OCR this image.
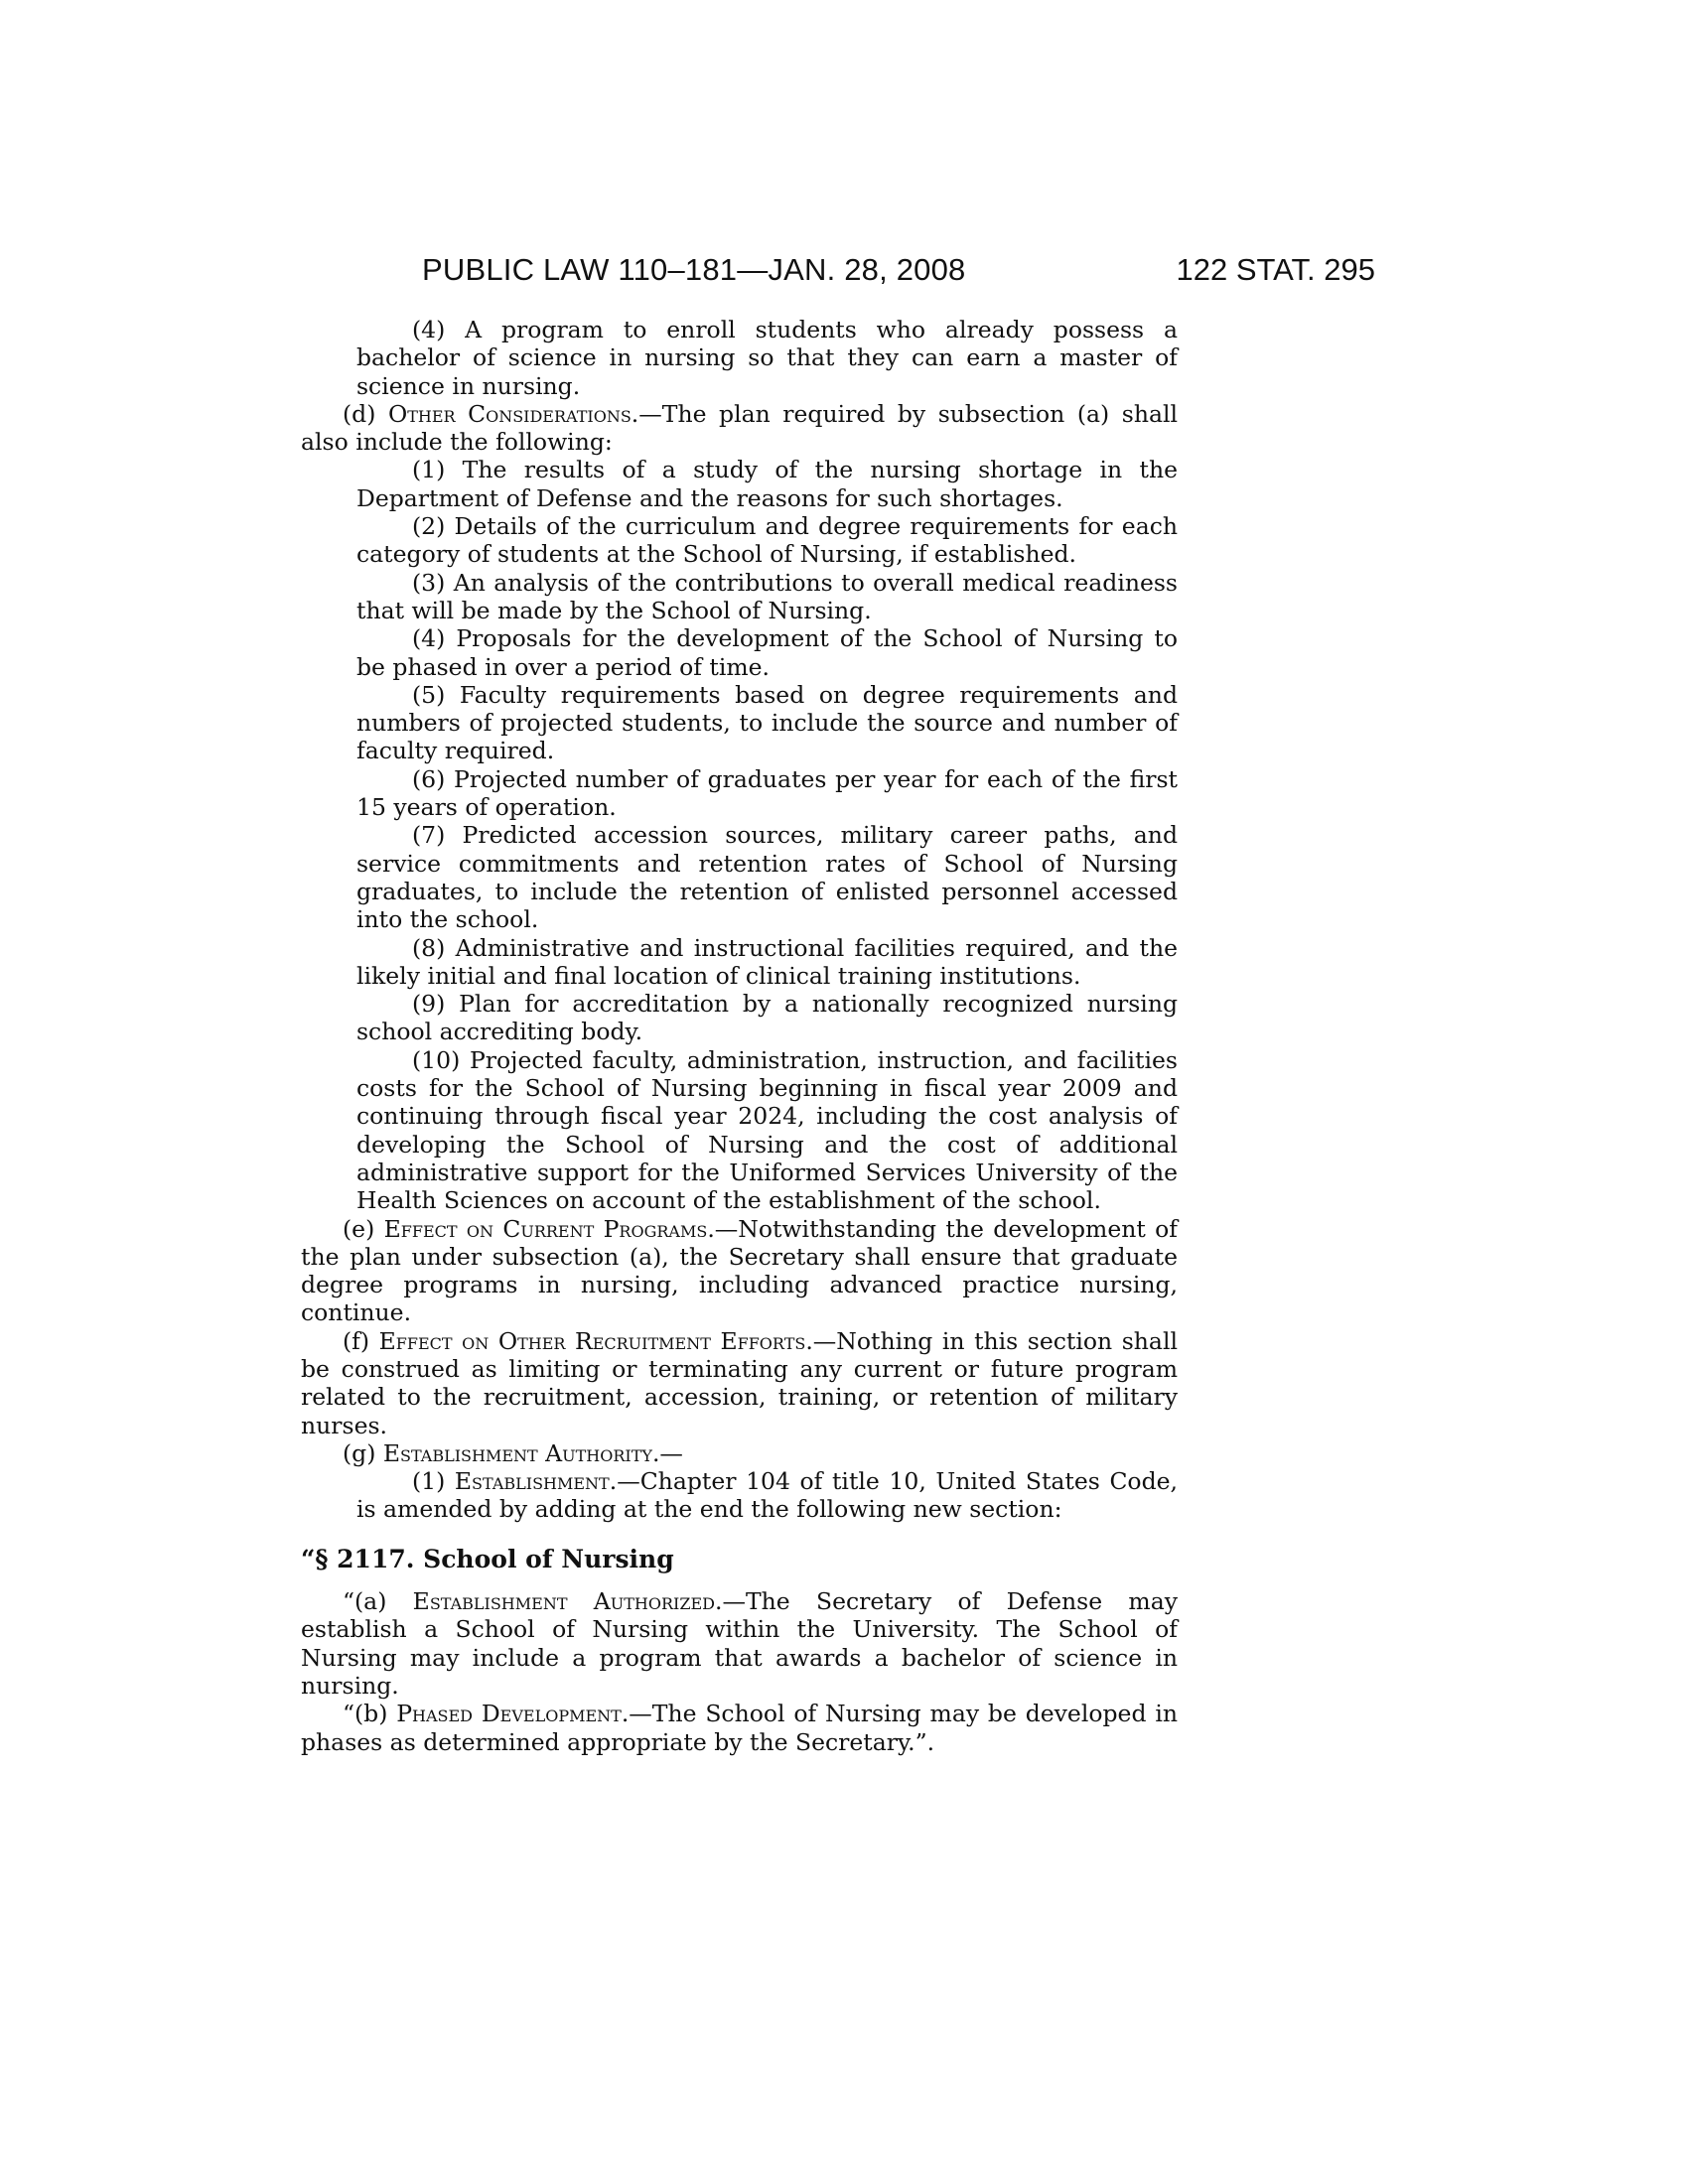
PUBLIC LAW 110–181—JAN. 28, 2008	122 STAT. 295

(4) A program to enroll students who already possess a bachelor of science in nursing so that they can earn a master of science in nursing.

(d) Other Considerations.—The plan required by subsection (a) shall also include the following:

(1) The results of a study of the nursing shortage in the Department of Defense and the reasons for such shortages.

(2) Details of the curriculum and degree requirements for each category of students at the School of Nursing, if established.

(3) An analysis of the contributions to overall medical readiness that will be made by the School of Nursing.

(4) Proposals for the development of the School of Nursing to be phased in over a period of time.

(5) Faculty requirements based on degree requirements and numbers of projected students, to include the source and number of faculty required.

(6) Projected number of graduates per year for each of the first 15 years of operation.

(7) Predicted accession sources, military career paths, and service commitments and retention rates of School of Nursing graduates, to include the retention of enlisted personnel accessed into the school.

(8) Administrative and instructional facilities required, and the likely initial and final location of clinical training institutions.

(9) Plan for accreditation by a nationally recognized nursing school accrediting body.

(10) Projected faculty, administration, instruction, and facilities costs for the School of Nursing beginning in fiscal year 2009 and continuing through fiscal year 2024, including the cost analysis of developing the School of Nursing and the cost of additional administrative support for the Uniformed Services University of the Health Sciences on account of the establishment of the school.

(e) Effect on Current Programs.—Notwithstanding the development of the plan under subsection (a), the Secretary shall ensure that graduate degree programs in nursing, including advanced practice nursing, continue.

(f) Effect on Other Recruitment Efforts.—Nothing in this section shall be construed as limiting or terminating any current or future program related to the recruitment, accession, training, or retention of military nurses.

(g) Establishment Authority.—

(1) Establishment.—Chapter 104 of title 10, United States Code, is amended by adding at the end the following new section:

“§ 2117. School of Nursing

“(a) Establishment Authorized.—The Secretary of Defense may establish a School of Nursing within the University. The School of Nursing may include a program that awards a bachelor of science in nursing.

“(b) Phased Development.—The School of Nursing may be developed in phases as determined appropriate by the Secretary.”.
